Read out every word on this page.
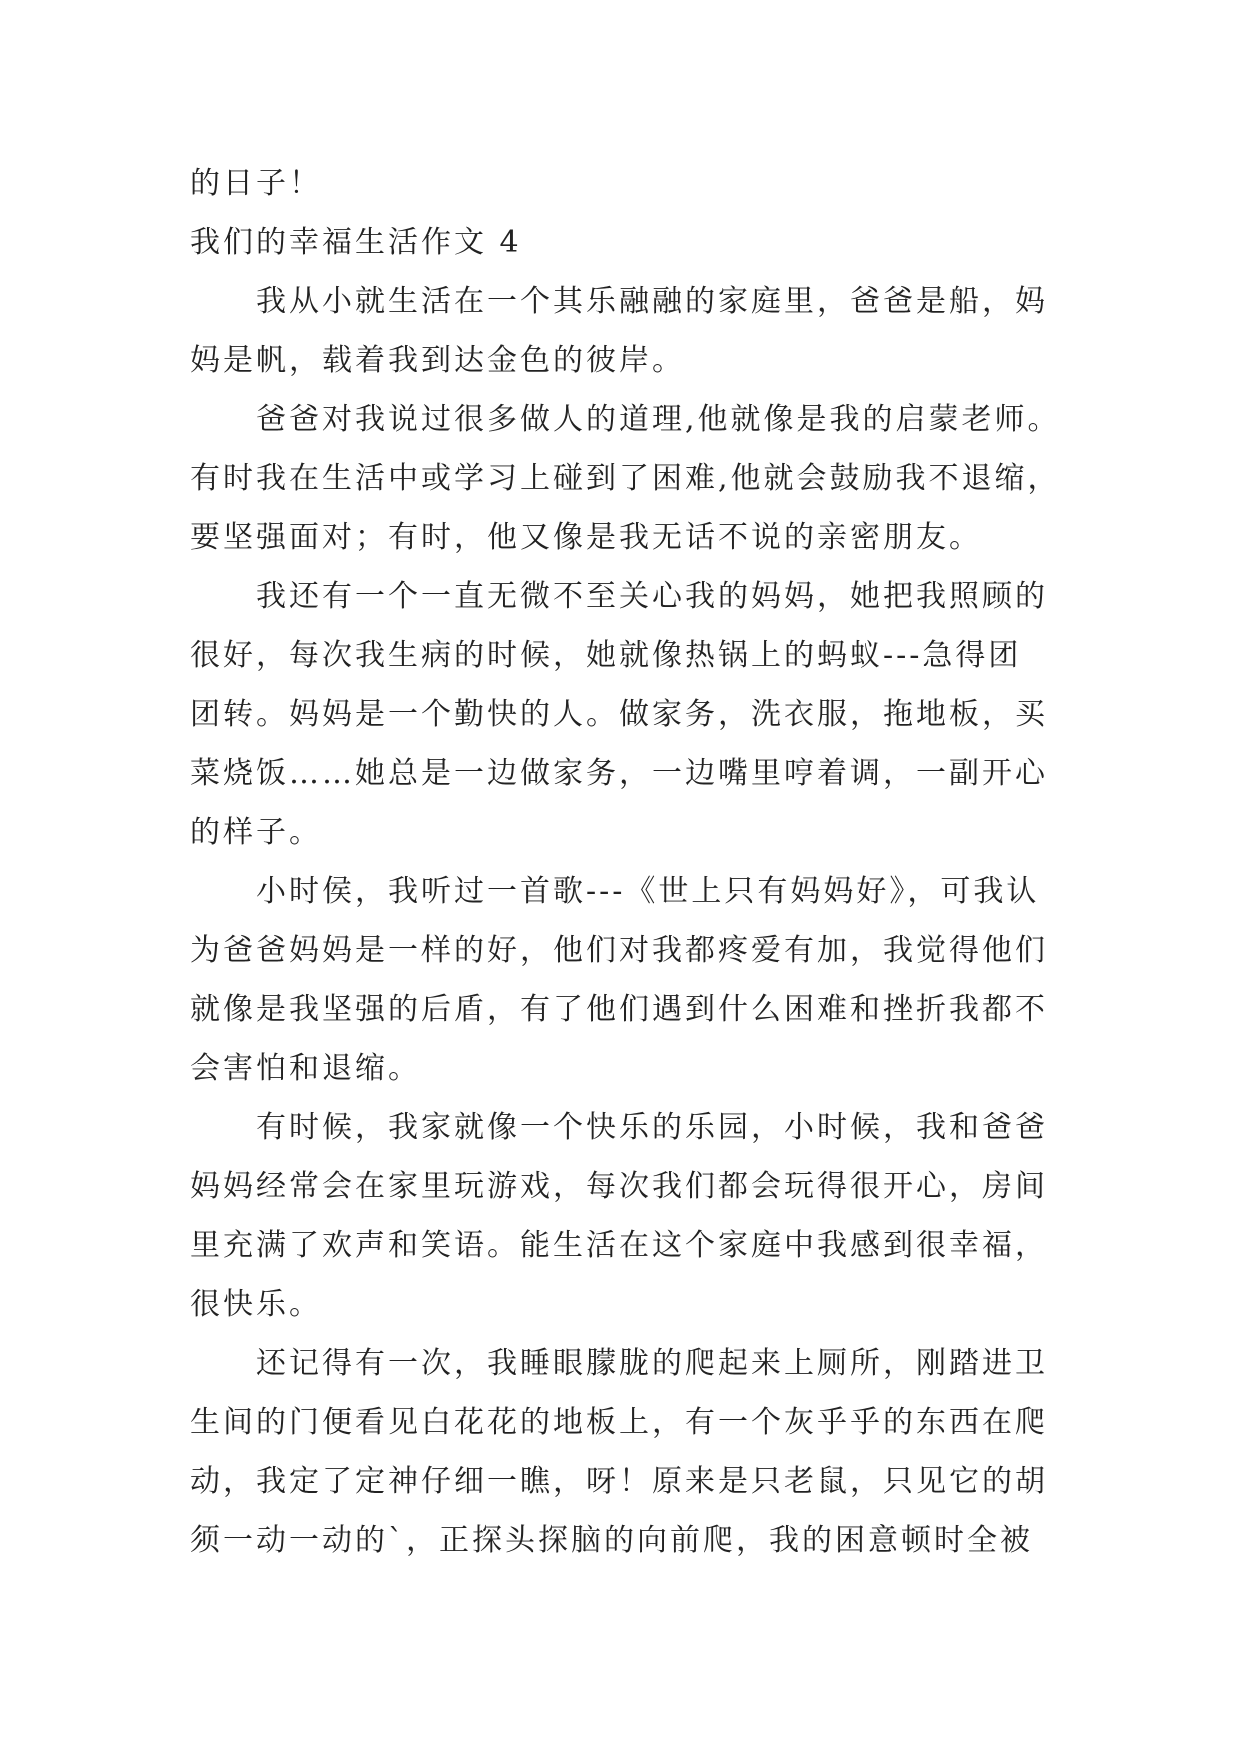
的日子！
我们的幸福生活作文 4
我从小就生活在一个其乐融融的家庭里，爸爸是船，妈
妈是帆，载着我到达金色的彼岸。
爸爸对我说过很多做人的道理,他就像是我的启蒙老师。
有时我在生活中或学习上碰到了困难,他就会鼓励我不退缩，
要坚强面对；有时，他又像是我无话不说的亲密朋友。
我还有一个一直无微不至关心我的妈妈，她把我照顾的
很好，每次我生病的时候，她就像热锅上的蚂蚁---急得团
团转。妈妈是一个勤快的人。做家务，洗衣服，拖地板，买
菜烧饭……她总是一边做家务，一边嘴里哼着调，一副开心
的样子。
小时侯，我听过一首歌---《世上只有妈妈好》，可我认
为爸爸妈妈是一样的好，他们对我都疼爱有加，我觉得他们
就像是我坚强的后盾，有了他们遇到什么困难和挫折我都不
会害怕和退缩。
有时候，我家就像一个快乐的乐园，小时候，我和爸爸
妈妈经常会在家里玩游戏，每次我们都会玩得很开心，房间
里充满了欢声和笑语。能生活在这个家庭中我感到很幸福，
很快乐。
还记得有一次，我睡眼朦胧的爬起来上厕所，刚踏进卫
生间的门便看见白花花的地板上，有一个灰乎乎的东西在爬
动，我定了定神仔细一瞧，呀！原来是只老鼠，只见它的胡
须一动一动的`，正探头探脑的向前爬，我的困意顿时全被
